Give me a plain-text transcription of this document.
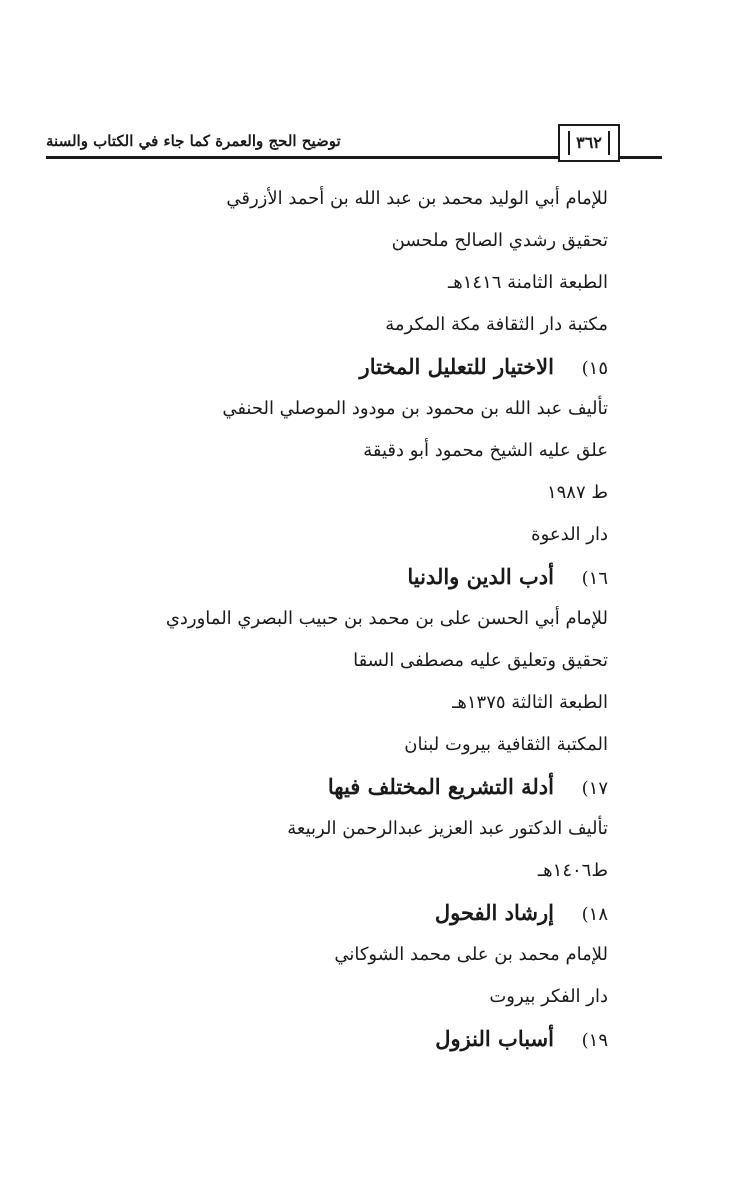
توضيح الحج والعمرة كما جاء في الكتاب والسنة	٣٦٢
للإمام أبي الوليد محمد بن عبد الله بن أحمد الأزرقي
تحقيق رشدي الصالح ملحسن
الطبعة الثامنة ١٤١٦هـ
مكتبة دار الثقافة مكة المكرمة
١٥)الاختيار للتعليل المختار
تأليف عبد الله بن محمود بن مودود الموصلي الحنفي
علق عليه الشيخ محمود أبو دقيقة
ط ١٩٨٧
دار الدعوة
١٦)أدب الدين والدنيا
للإمام أبي الحسن على بن محمد بن حبيب البصري الماوردي
تحقيق وتعليق عليه مصطفى السقا
الطبعة الثالثة ١٣٧٥هـ
المكتبة الثقافية بيروت لبنان
١٧)أدلة التشريع المختلف فيها
تأليف الدكتور عبد العزيز عبدالرحمن الربيعة
ط١٤٠٦هـ
١٨)إرشاد الفحول
للإمام محمد بن على محمد الشوكاني
دار الفكر بيروت
١٩)أسباب النزول
